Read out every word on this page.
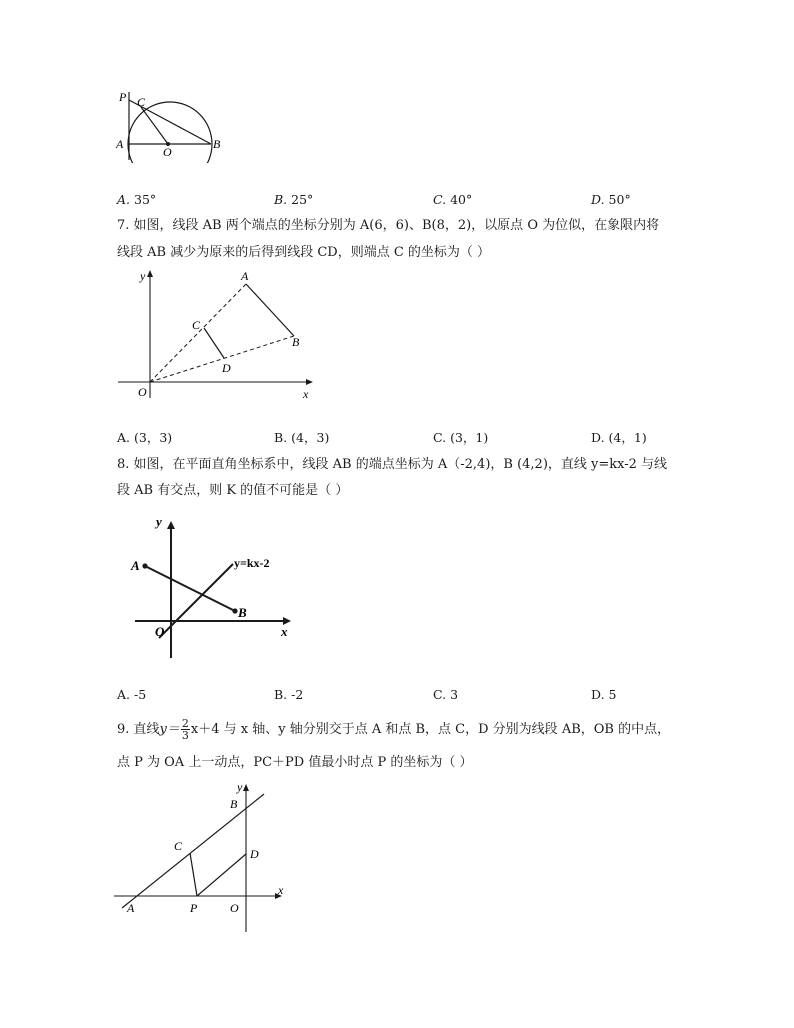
P C
A
O
B
A. 35°	B. 25°	C. 40°	D. 50°
7. 如图，线段 AB 两个端点的坐标分别为 A(6，6)、B(8，2)，以原点 O 为位似，在象限内将
线段 AB 减少为原来的后得到线段 CD，则端点 C 的坐标为（ ）
y	A
C
B
D
O	x
A. (3，3)	B. (4，3)	C. (3，1)	D. (4，1)
8. 如图，在平面直角坐标系中，线段 AB 的端点坐标为 A（-2,4)，B (4,2)，直线 y=kx-2 与线
段 AB 有交点，则 K 的值不可能是（ ）
y
y=kx-2
A
B
O	x
A. -5	B. -2	C. 3	D. 5
9. 直线$y= \frac{2}{3} x+4$ 与 x 轴、y 轴分别交于点 A 和点 B，点 C，D 分别为线段 AB，OB 的中点，
点 P 为 OA 上一动点，PC＋PD 值最小时点 P 的坐标为（ ）
y
B
C
D
x
A	P	O
